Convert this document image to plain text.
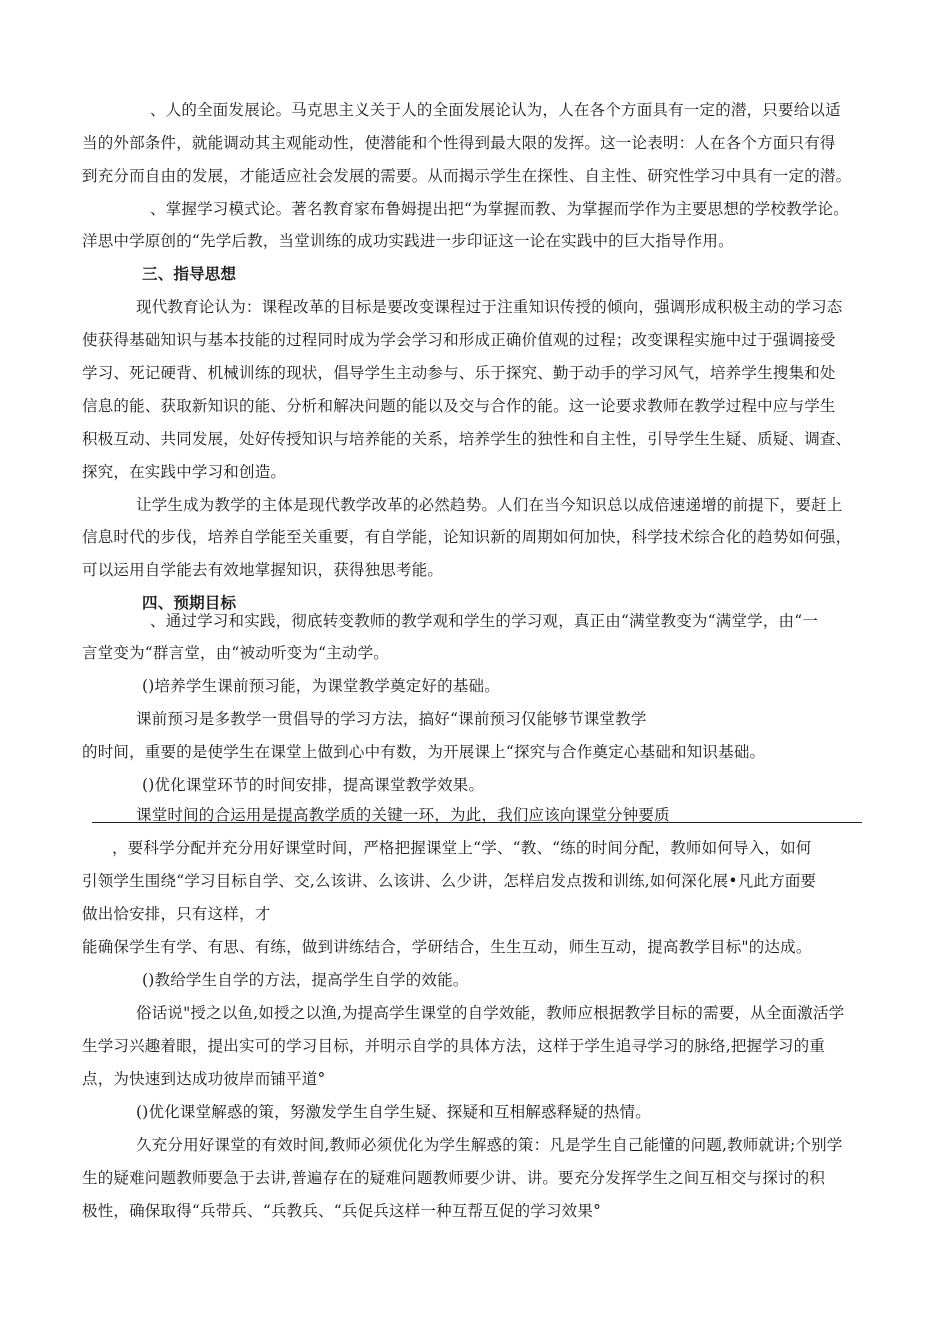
、人的全面发展论。马克思主义关于人的全面发展论认为，人在各个方面具有一定的潜，只要给以适
当的外部条件，就能调动其主观能动性，使潜能和个性得到最大限的发挥。这一论表明：人在各个方面只有得
到充分而自由的发展，才能适应社会发展的需要。从而揭示学生在探性、自主性、研究性学习中具有一定的潜。
、掌握学习模式论。著名教育家布鲁姆提出把“为掌握而教、为掌握而学作为主要思想的学校教学论。
洋思中学原创的“先学后教，当堂训练的成功实践进一步印证这一论在实践中的巨大指导作用。
三、指导思想
现代教育论认为：课程改革的目标是要改变课程过于注重知识传授的倾向，强调形成积极主动的学习态
使获得基础知识与基本技能的过程同时成为学会学习和形成正确价值观的过程；改变课程实施中过于强调接受
学习、死记硬背、机械训练的现状，倡导学生主动参与、乐于探究、勤于动手的学习风气，培养学生搜集和处
信息的能、获取新知识的能、分析和解决问题的能以及交与合作的能。这一论要求教师在教学过程中应与学生
积极互动、共同发展，处好传授知识与培养能的关系，培养学生的独性和自主性，引导学生生疑、质疑、调查、
探究，在实践中学习和创造。
让学生成为教学的主体是现代教学改革的必然趋势。人们在当今知识总以成倍速递增的前提下，要赶上
信息时代的步伐，培养自学能至关重要，有自学能，论知识新的周期如何加快，科学技术综合化的趋势如何强，
可以运用自学能去有效地掌握知识，获得独思考能。
四、预期目标
、通过学习和实践，彻底转变教师的教学观和学生的学习观，真正由“满堂教变为“满堂学，由“一
言堂变为“群言堂，由“被动听变为“主动学。
()培养学生课前预习能，为课堂教学奠定好的基础。
课前预习是多教学一贯倡导的学习方法，搞好“课前预习仅能够节课堂教学
的时间，重要的是使学生在课堂上做到心中有数，为开展课上“探究与合作奠定心基础和知识基础。
()优化课堂环节的时间安排，提高课堂教学效果。
课堂时间的合运用是提高教学质的关键一环，为此，我们应该向课堂分钟要质
，要科学分配并充分用好课堂时间，严格把握课堂上“学、“教、“练的时间分配，教师如何导入，如何
引领学生围绕“学习目标自学、交,么该讲、么该讲、么少讲，怎样启发点拨和训练,如何深化展•凡此方面要
做出恰安排，只有这样，才
能确保学生有学、有思、有练，做到讲练结合，学研结合，生生互动，师生互动，提高教学目标"的达成。
()教给学生自学的方法，提高学生自学的效能。
俗话说"授之以鱼,如授之以渔,为提高学生课堂的自学效能，教师应根据教学目标的需要，从全面激活学
生学习兴趣着眼，提出实可的学习目标，并明示自学的具体方法，这样于学生追寻学习的脉络,把握学习的重
点，为快速到达成功彼岸而铺平道°
()优化课堂解惑的策，努激发学生自学生疑、探疑和互相解惑释疑的热情。
久充分用好课堂的有效时间,教师必须优化为学生解惑的策：凡是学生自己能懂的问题,教师就讲;个别学
生的疑难问题教师要急于去讲,普遍存在的疑难问题教师要少讲、讲。要充分发挥学生之间互相交与探讨的积
极性，确保取得“兵带兵、“兵教兵、“兵促兵这样一种互帮互促的学习效果°
